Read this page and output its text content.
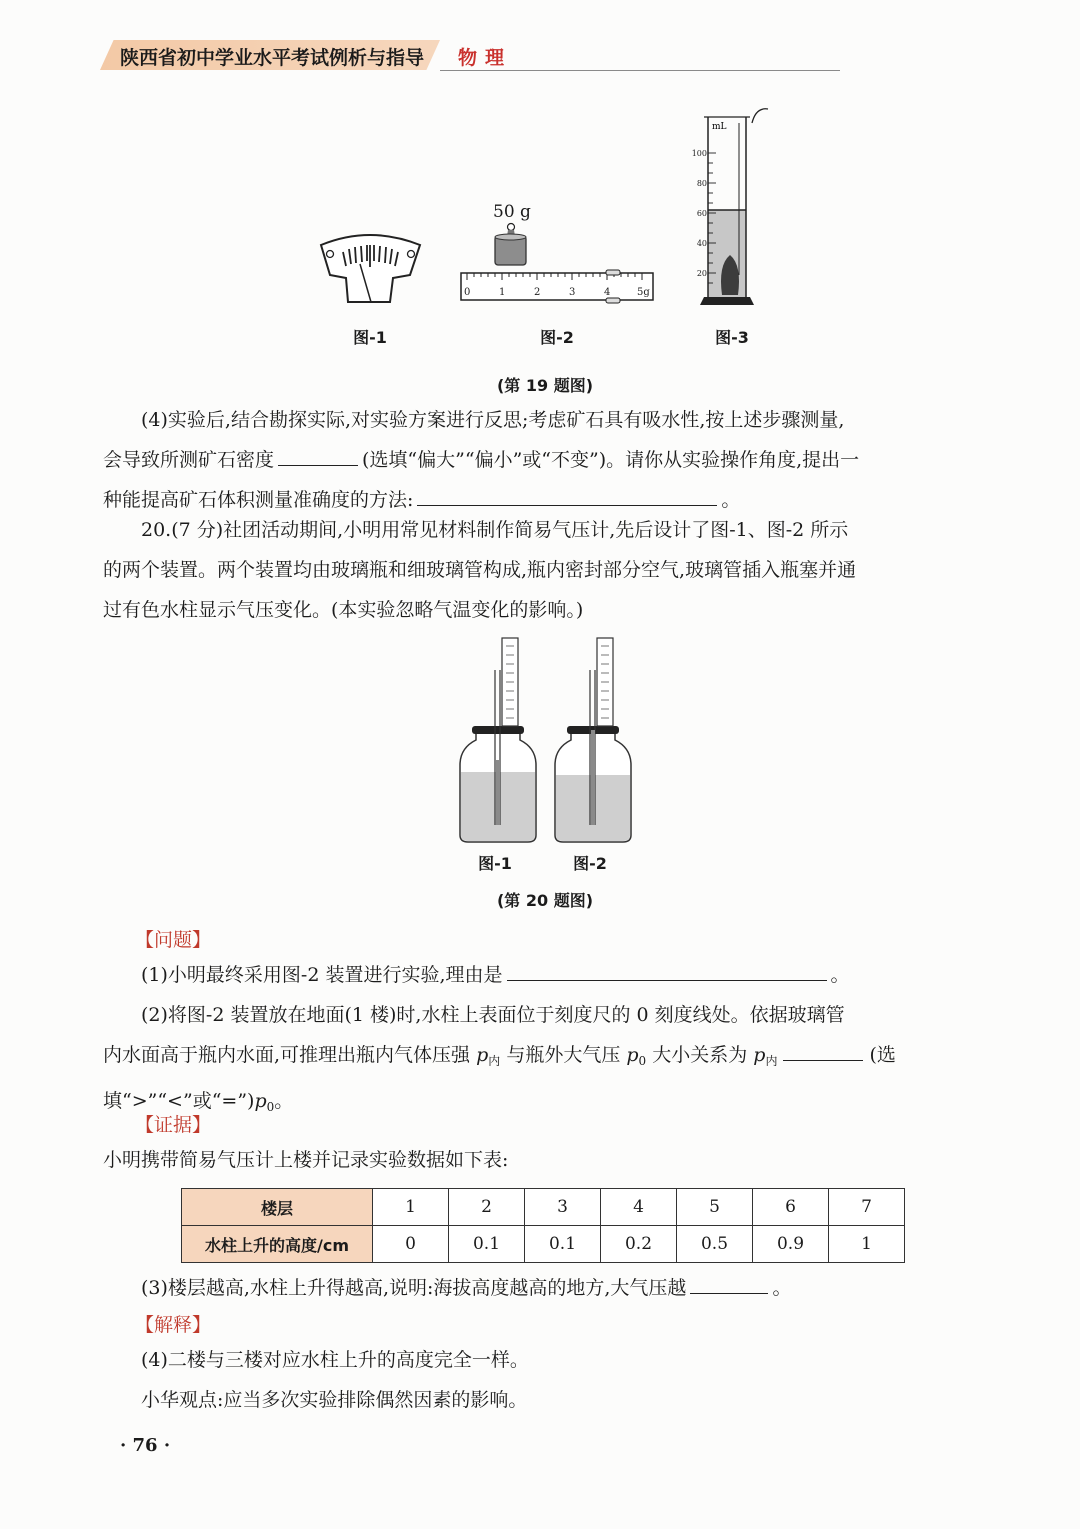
陕西省初中学业水平考试例析与指导 物理
图-1
50 g
0	1	2	3	4	5g
图-2
mL
100
80
60
40
20
图-3
(第 19 题图)
(4)实验后,结合勘探实际,对实验方案进行反思;考虑矿石具有吸水性,按上述步骤测量,
会导致所测矿石密度	(选填“偏大”“偏小”或“不变”)。请你从实验操作角度,提出一
种能提高矿石体积测量准确度的方法:	。
20.(7 分)社团活动期间,小明用常见材料制作简易气压计,先后设计了图-1、图-2 所示
的两个装置。两个装置均由玻璃瓶和细玻璃管构成,瓶内密封部分空气,玻璃管插入瓶塞并通
过有色水柱显示气压变化。(本实验忽略气温变化的影响。)
图-1	图-2
(第 20 题图)
【问题】
(1)小明最终采用图-2 装置进行实验,理由是	。
(2)将图-2 装置放在地面(1 楼)时,水柱上表面位于刻度尺的 0 刻度线处。依据玻璃管
内水面高于瓶内水面,可推理出瓶内气体压强 $p_内$ 与瓶外大气压 $p_0$ 大小关系为 $p_内$	(选
填“>”“<”或“$=”)p_0$。
【证据】
小明携带简易气压计上楼并记录实验数据如下表:
楼层	1	2	3	4	5	6	7
水柱上升的高度/cm	0	0.1	0.1	0.2	0.5	0.9	1
(3)楼层越高,水柱上升得越高,说明:海拔高度越高的地方,大气压越	。
【解释】
(4)二楼与三楼对应水柱上升的高度完全一样。
小华观点:应当多次实验排除偶然因素的影响。
· 76 ·
